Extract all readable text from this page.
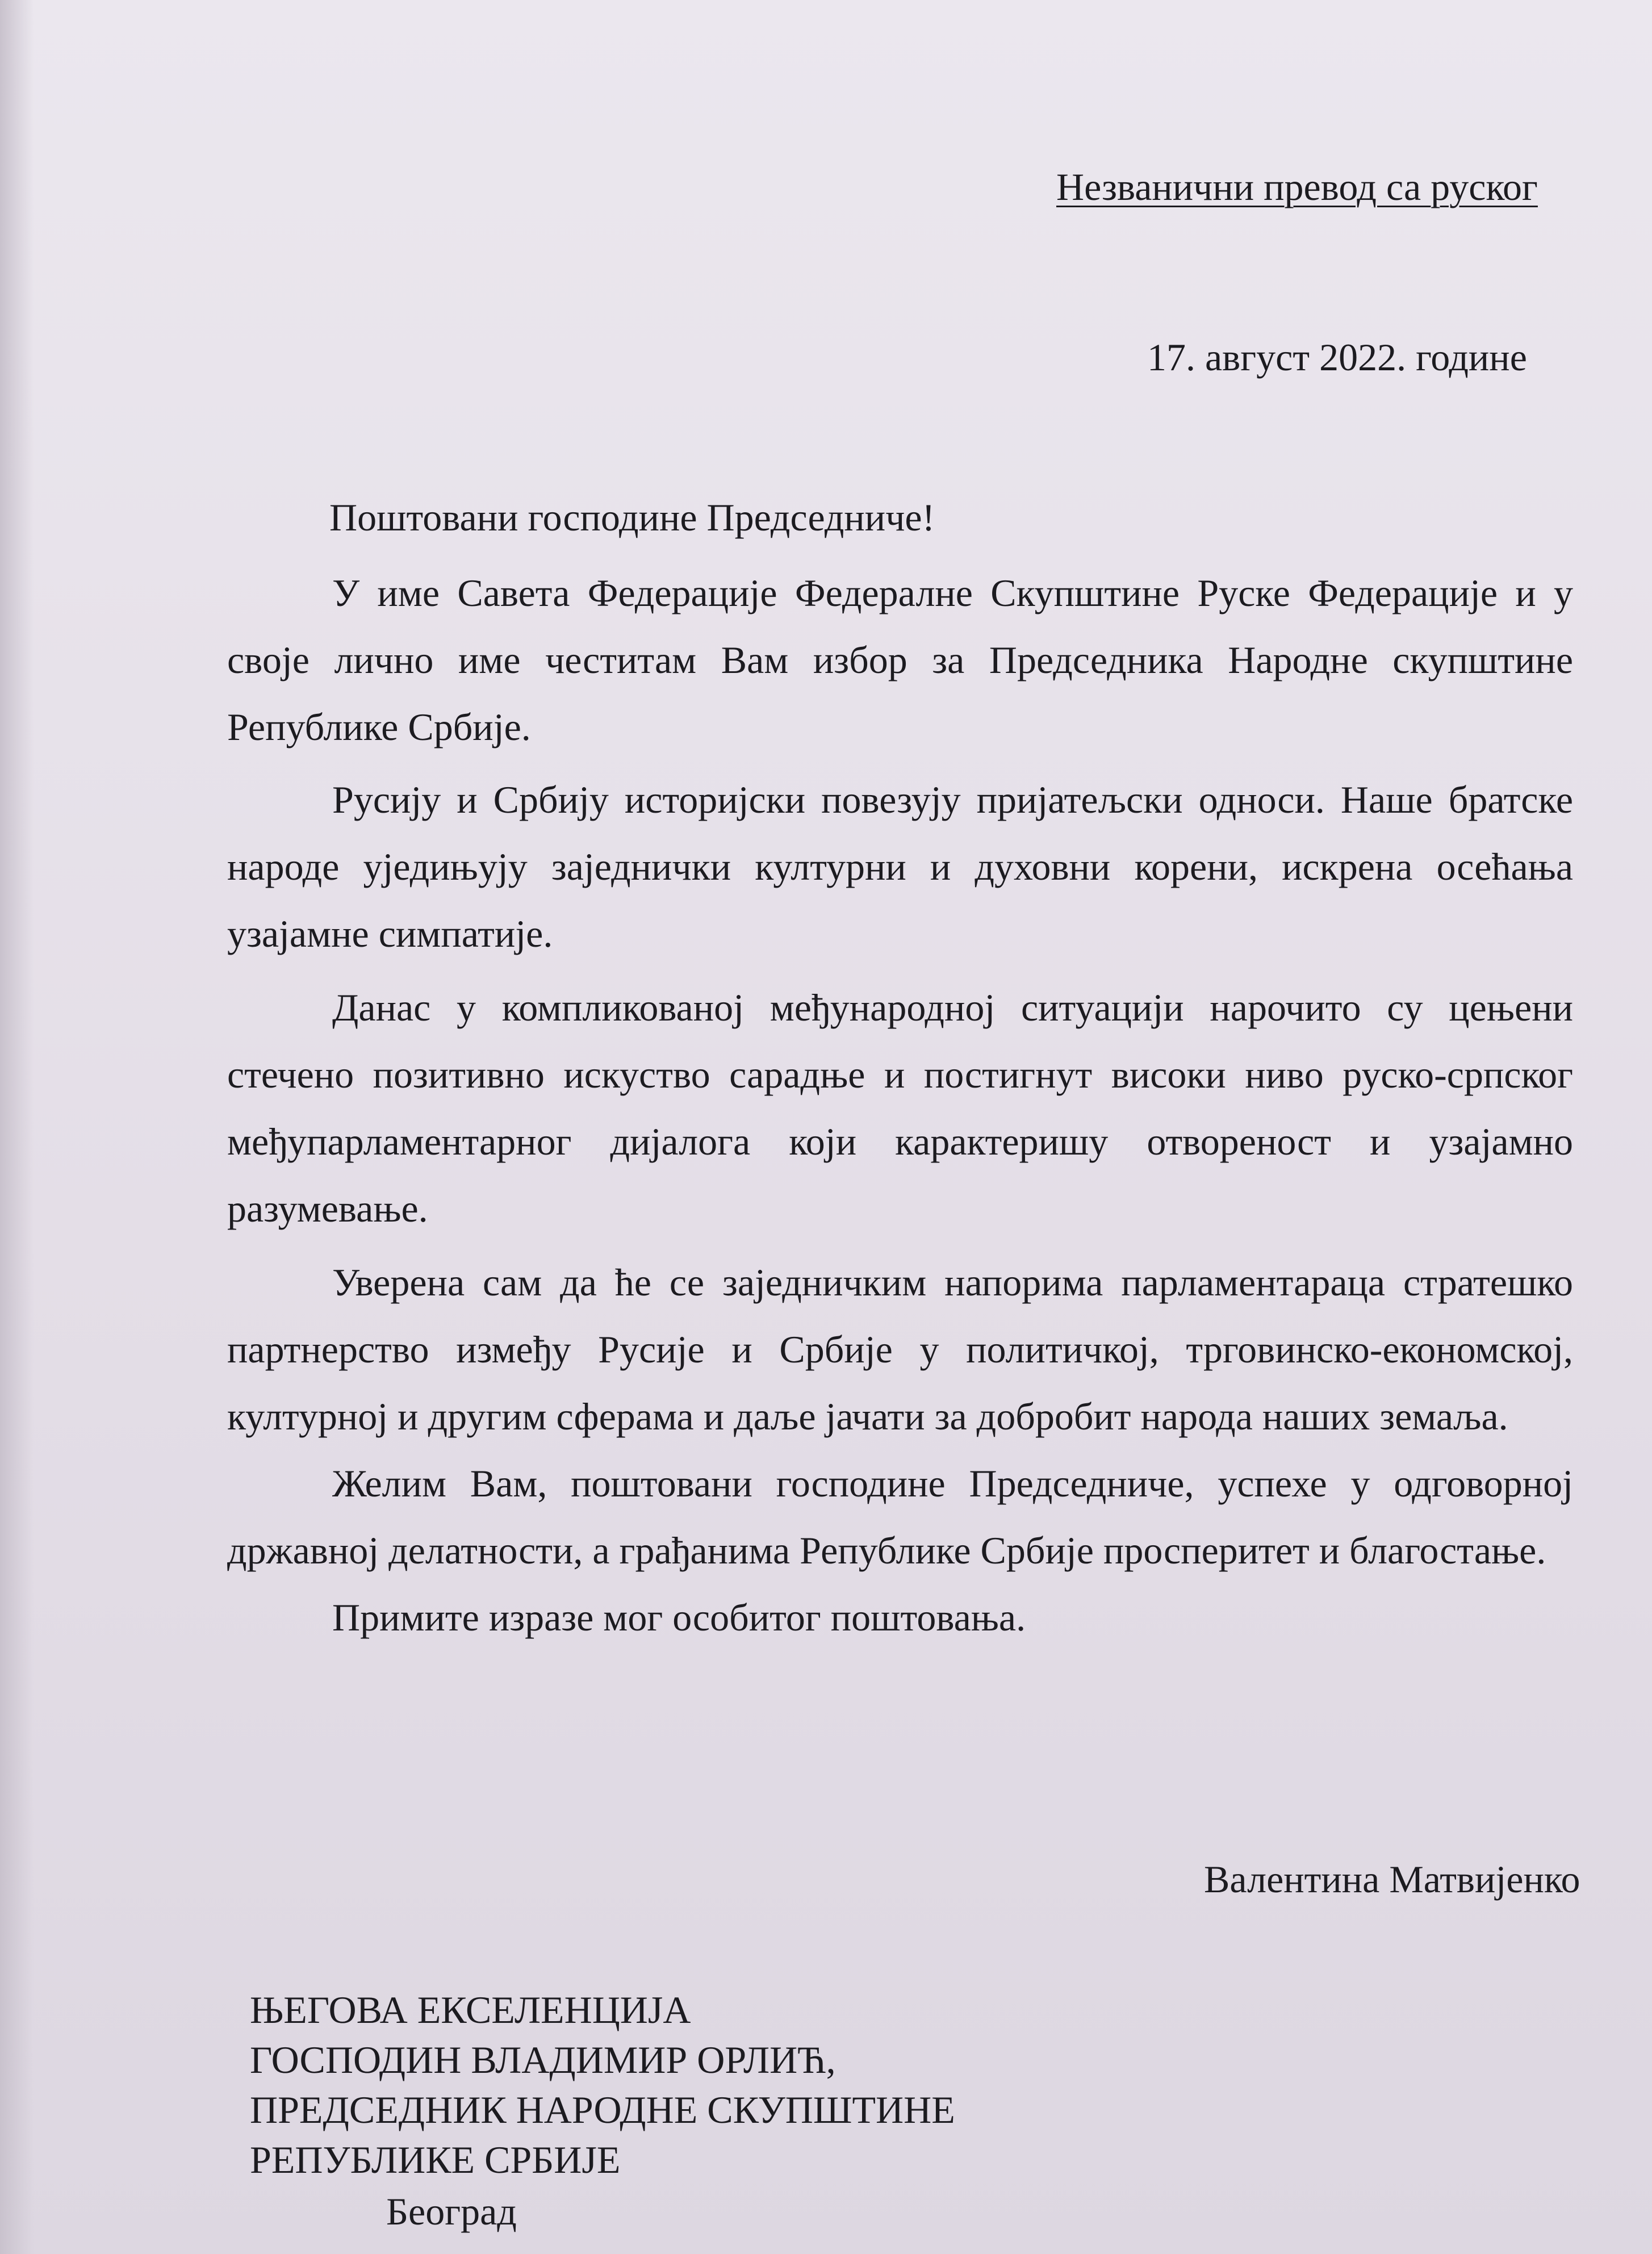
Незванични превод са руског
17. август 2022. године
Поштовани господине Председниче!

У име Савета Федерације Федералне Скупштине Руске Федерације и у своје лично име честитам Вам избор за Председника Народне скупштине Републике Србије.

Русију и Србију историјски повезују пријатељски односи. Наше братске народе уједињују заједнички културни и духовни корени, искрена осећања узајамне симпатије.

Данас у компликованој међународној ситуацији нарочито су цењени стечено позитивно искуство сарадње и постигнут високи ниво руско-српског међупарламентарног дијалога који карактеришу отвореност и узајамно разумевање.

Уверена сам да ће се заједничким напорима парламентараца стратешко партнерство између Русије и Србије у политичкој, трговинско-економској, културној и другим сферама и даље јачати за добробит народа наших земаља.

Желим Вам, поштовани господине Председниче, успехе у одговорној државној делатности, а грађанима Републике Србије просперитет и благостање.

Примите изразе мог особитог поштовања.

Валентина Матвијенко
ЊЕГОВА ЕКСЕЛЕНЦИЈА
ГОСПОДИН ВЛАДИМИР ОРЛИЋ,
ПРЕДСЕДНИК НАРОДНЕ СКУПШТИНЕ
РЕПУБЛИКЕ СРБИЈЕ
Београд
